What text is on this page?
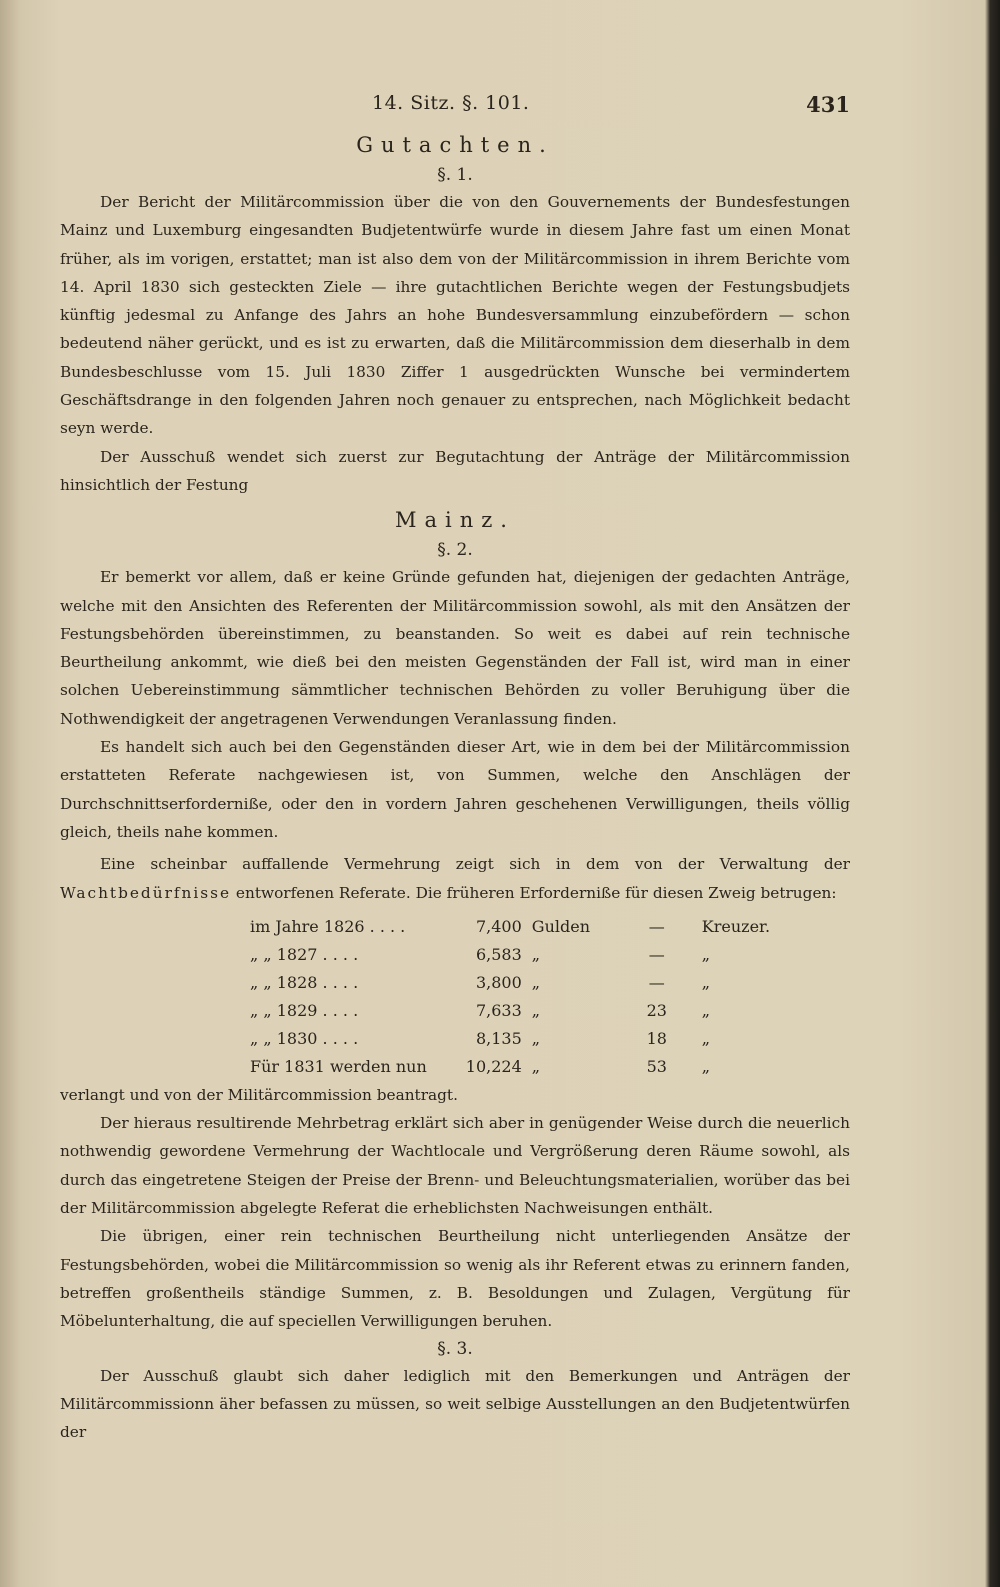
14. Sitz. §. 101.	431
Gutachten.
§. 1.

Der Bericht der Militärcommission über die von den Gouvernements der Bundesfestungen Mainz und Luxemburg eingesandten Budjetentwürfe wurde in diesem Jahre fast um einen Monat früher, als im vorigen, erstattet; man ist also dem von der Militärcommission in ihrem Berichte vom 14. April 1830 sich gesteckten Ziele — ihre gutachtlichen Berichte wegen der Festungsbudjets künftig jedesmal zu Anfange des Jahrs an hohe Bundesversammlung einzubefördern — schon bedeutend näher gerückt, und es ist zu erwarten, daß die Militärcommission dem dieserhalb in dem Bundesbeschlusse vom 15. Juli 1830 Ziffer 1 ausgedrückten Wunsche bei vermindertem Geschäftsdrange in den folgenden Jahren noch genauer zu entsprechen, nach Möglichkeit bedacht seyn werde.

Der Ausschuß wendet sich zuerst zur Begutachtung der Anträge der Militärcommission hinsichtlich der Festung

Mainz.
§. 2.

Er bemerkt vor allem, daß er keine Gründe gefunden hat, diejenigen der gedachten Anträge, welche mit den Ansichten des Referenten der Militärcommission sowohl, als mit den Ansätzen der Festungsbehörden übereinstimmen, zu beanstanden. So weit es dabei auf rein technische Beurtheilung ankommt, wie dieß bei den meisten Gegenständen der Fall ist, wird man in einer solchen Uebereinstimmung sämmtlicher technischen Behörden zu voller Beruhigung über die Nothwendigkeit der angetragenen Verwendungen Veranlassung finden.

Es handelt sich auch bei den Gegenständen dieser Art, wie in dem bei der Militärcommission erstatteten Referate nachgewiesen ist, von Summen, welche den Anschlägen der Durchschnittserforderniße, oder den in vordern Jahren geschehenen Verwilligungen, theils völlig gleich, theils nahe kommen.

Eine scheinbar auffallende Vermehrung zeigt sich in dem von der Verwaltung der Wachtbedürfnisse entworfenen Referate. Die früheren Erforderniße für diesen Zweig betrugen:

im Jahre 1826 . . . .	7,400	Gulden	—	Kreuzer.
„ „ 1827 . . . .	6,583	„	—	„
„ „ 1828 . . . .	3,800	„	—	„
„ „ 1829 . . . .	7,633	„	23	„
„ „ 1830 . . . .	8,135	„	18	„
Für 1831 werden nun	10,224	„	53	„

verlangt und von der Militärcommission beantragt.

Der hieraus resultirende Mehrbetrag erklärt sich aber in genügender Weise durch die neuerlich nothwendig gewordene Vermehrung der Wachtlocale und Vergrößerung deren Räume sowohl, als durch das eingetretene Steigen der Preise der Brenn- und Beleuchtungsmaterialien, worüber das bei der Militärcommission abgelegte Referat die erheblichsten Nachweisungen enthält.

Die übrigen, einer rein technischen Beurtheilung nicht unterliegenden Ansätze der Festungsbehörden, wobei die Militärcommission so wenig als ihr Referent etwas zu erinnern fanden, betreffen großentheils ständige Summen, z. B. Besoldungen und Zulagen, Vergütung für Möbelunterhaltung, die auf speciellen Verwilligungen beruhen.

§. 3.

Der Ausschuß glaubt sich daher lediglich mit den Bemerkungen und Anträgen der Militärcommissionn äher befassen zu müssen, so weit selbige Ausstellungen an den Budjetentwürfen der
